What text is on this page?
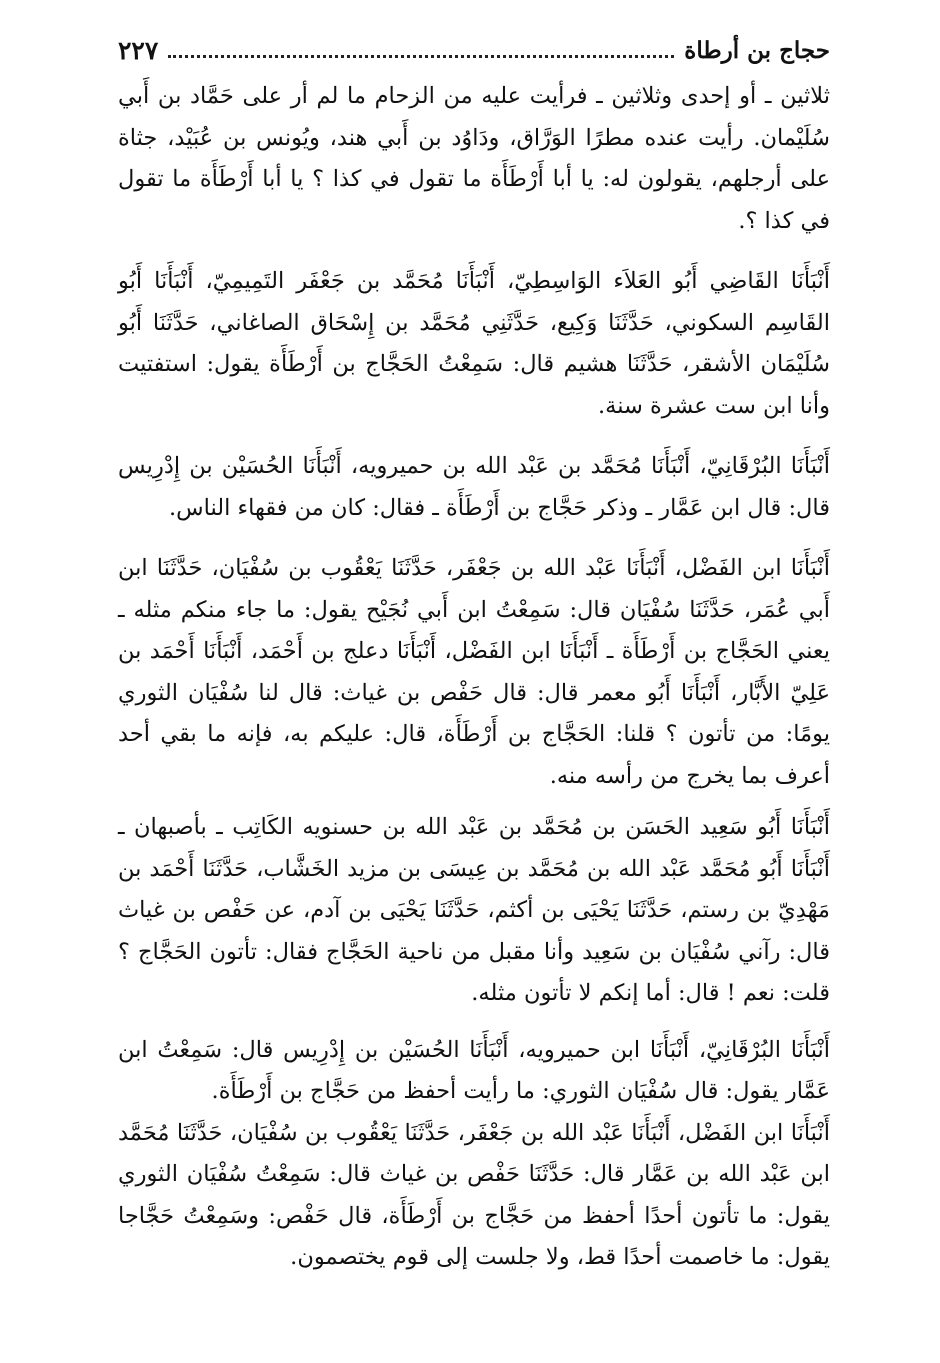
حجاج بن أرطاة
٢٢٧

ثلاثين ـ أو إحدى وثلاثين ـ فرأيت عليه من الزحام ما لم أر على حَمَّاد بن أَبي سُلَيْمان. رأيت عنده مطرًا الوَرَّاق، ودَاوُد بن أَبي هند، ويُونس بن عُبَيْد، جثاة على أرجلهم، يقولون له: يا أبا أَرْطَأَة ما تقول في كذا ؟ يا أبا أَرْطَأَة ما تقول في كذا ؟.

أَنْبَأَنَا القَاضِي أَبُو العَلاَء الوَاسِطِيّ، أَنْبَأَنَا مُحَمَّد بن جَعْفَر التَمِيمِيّ، أَنْبَأَنَا أَبُو القَاسِم السكوني، حَدَّثَنَا وَكِيع، حَدَّثَنِي مُحَمَّد بن إِسْحَاق الصاغاني، حَدَّثَنَا أَبُو سُلَيْمَان الأشقر، حَدَّثَنَا هشيم قال: سَمِعْتُ الحَجَّاج بن أَرْطَأَة يقول: استفتيت وأنا ابن ست عشرة سنة.

أَنْبَأَنَا البُرْقَانِيّ، أَنْبَأَنَا مُحَمَّد بن عَبْد الله بن حميرويه، أَنْبَأَنَا الحُسَيْن بن إِدْرِيس قال: قال ابن عَمَّار ـ وذكر حَجَّاج بن أَرْطَأَة ـ فقال: كان من فقهاء الناس.

أَنْبَأَنَا ابن الفَضْل، أَنْبَأَنَا عَبْد الله بن جَعْفَر، حَدَّثَنَا يَعْقُوب بن سُفْيَان، حَدَّثَنَا ابن أَبي عُمَر، حَدَّثَنَا سُفْيَان قال: سَمِعْتُ ابن أَبي نُجَيْح يقول: ما جاء منكم مثله ـ يعني الحَجَّاج بن أَرْطَأَة ـ أَنْبَأَنَا ابن الفَضْل، أَنْبَأَنَا دعلج بن أَحْمَد، أَنْبَأَنَا أَحْمَد بن عَلِيّ الأَبَّار، أَنْبَأَنَا أَبُو معمر قال: قال حَفْص بن غياث: قال لنا سُفْيَان الثوري يومًا: من تأتون ؟ قلنا: الحَجَّاج بن أَرْطَأَة، قال: عليكم به، فإنه ما بقي أحد أعرف بما يخرج من رأسه منه.

أَنْبَأَنَا أَبُو سَعِيد الحَسَن بن مُحَمَّد بن عَبْد الله بن حسنويه الكَاتِب ـ بأصبهان ـ أَنْبَأَنَا أَبُو مُحَمَّد عَبْد الله بن مُحَمَّد بن عِيسَى بن مزيد الخَشَّاب، حَدَّثَنَا أَحْمَد بن مَهْدِيّ بن رستم، حَدَّثَنَا يَحْيَى بن أكثم، حَدَّثَنَا يَحْيَى بن آدم، عن حَفْص بن غياث قال: رآني سُفْيَان بن سَعِيد وأنا مقبل من ناحية الحَجَّاج فقال: تأتون الحَجَّاج ؟ قلت: نعم ! قال: أما إنكم لا تأتون مثله.

أَنْبَأَنَا البُرْقَانِيّ، أَنْبَأَنَا ابن حميرويه، أَنْبَأَنَا الحُسَيْن بن إِدْرِيس قال: سَمِعْتُ ابن عَمَّار يقول: قال سُفْيَان الثوري: ما رأيت أحفظ من حَجَّاج بن أَرْطَأَة.

أَنْبَأَنَا ابن الفَضْل، أَنْبَأَنَا عَبْد الله بن جَعْفَر، حَدَّثَنَا يَعْقُوب بن سُفْيَان، حَدَّثَنَا مُحَمَّد ابن عَبْد الله بن عَمَّار قال: حَدَّثَنَا حَفْص بن غياث قال: سَمِعْتُ سُفْيَان الثوري يقول: ما تأتون أحدًا أحفظ من حَجَّاج بن أَرْطَأَة، قال حَفْص: وسَمِعْتُ حَجَّاجا يقول: ما خاصمت أحدًا قط، ولا جلست إلى قوم يختصمون.
